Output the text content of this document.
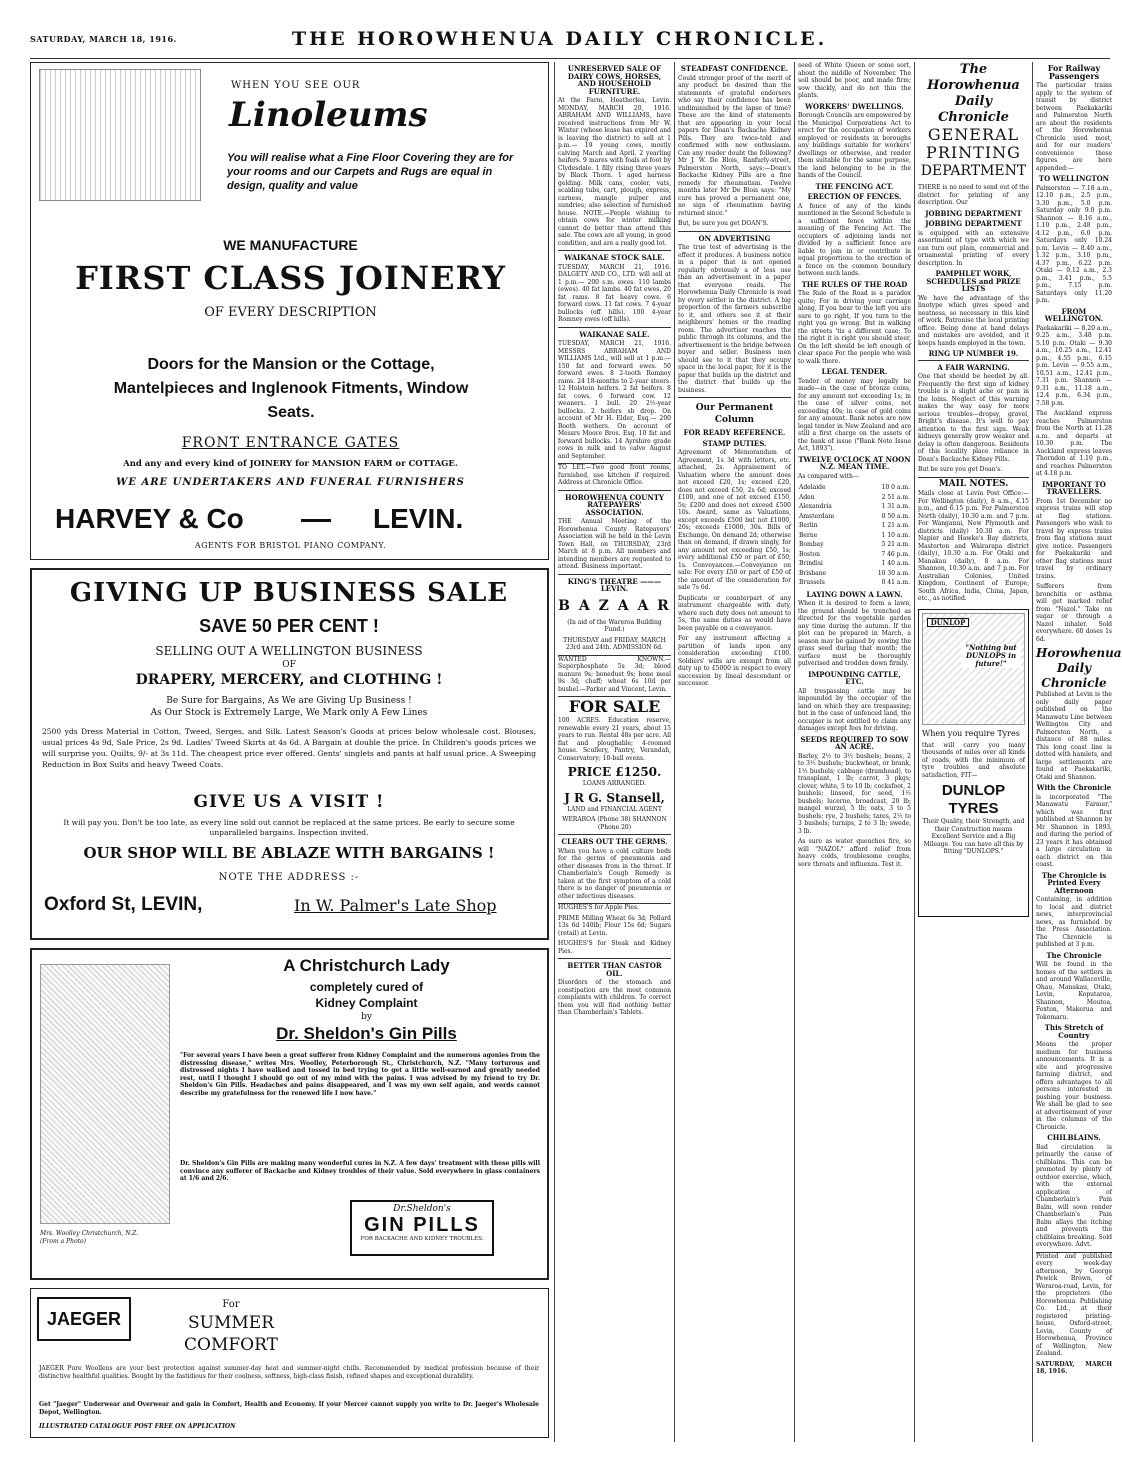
SATURDAY, MARCH 18, 1916.	THE HOROWHENUA DAILY CHRONICLE.
WHEN YOU SEE OUR
Linoleums
You will realise what a Fine Floor Covering they are for your rooms and our Carpets and Rugs are equal in design, quality and value
WE MANUFACTURE
FIRST CLASS JOINERY
OF EVERY DESCRIPTION
Doors for the Mansion or the Cottage, Mantelpieces and Inglenook Fitments, Window Seats.
FRONT ENTRANCE GATES
And any and every kind of JOINERY for MANSION FARM or COTTAGE.
WE ARE UNDERTAKERS AND FUNERAL FURNISHERS
HARVEY & Co	LEVIN.
AGENTS FOR BRISTOL PIANO COMPANY.
GIVING UP BUSINESS SALE
SAVE 50 PER CENT !
SELLING OUT A WELLINGTON BUSINESS
OF
DRAPERY, MERCERY, and CLOTHING !
Be Sure for Bargains, As We are Giving Up Business !
As Our Stock is Extremely Large, We Mark only A Few Lines
2500 yds Dress Material in Cotton, Tweed, Serges, and Silk. Latest Season's Goods at prices below wholesale cost. Blouses, usual prices 4s 9d, Sale Price, 2s 9d. Ladies' Tweed Skirts at 4s 6d. A Bargain at double the price. In Children's goods prices we will surprise you. Quilts, 9/- at 3s 11d. The cheapest price ever offered. Gents' singlets and pants at half usual price. A Sweeping Reduction in Box Suits and heavy Tweed Coats.
GIVE US A VISIT !
It will pay you. Don't be too late, as every line sold out cannot be replaced at the same prices. Be early to secure some unparalleled bargains. Inspection invited.
OUR SHOP WILL BE ABLAZE WITH BARGAINS !
NOTE THE ADDRESS :-
Oxford St, LEVIN,	In W. Palmer's Late Shop
A Christchurch Lady
completely cured of
Kidney Complaint
by
Dr. Sheldon's Gin Pills
Mrs. Woolley Christchurch, N.Z. (From a Photo)
"For several years I have been a great sufferer from Kidney Complaint and the numerous agonies from the distressing disease," writes Mrs. Woolley, Peterborough St., Christchurch, N.Z. "Many torturous and distressed nights I have walked and tossed in bed trying to get a little well-earned and greatly needed rest, until I thought I should go out of my mind with the pains. I was advised by my friend to try Dr. Sheldon's Gin Pills. Headaches and pains disappeared, and I was my own self again, and words cannot describe my gratefulness for the renewed life I now have."
Dr. Sheldon's Gin Pills are making many wonderful cures in N.Z. A few days' treatment with these pills will convince any sufferer of Backache and Kidney troubles of their value. Sold everywhere in glass containers at 1/6 and 2/6.
Dr.Sheldon's
GIN PILLS
FOR BACKACHE AND KIDNEY TROUBLES.
JAEGER
For
SUMMER
COMFORT
JAEGER Pure Woollens are your best protection against summer-day heat and summer-night chills. Recommended by medical profession because of their distinctive healthful qualities. Bought by the fastidious for their coolness, softness, high-class finish, refined shapes and exceptional durability.
Get "Jaeger" Underwear and Overwear and gain in Comfort, Health and Economy. If your Mercer cannot supply you write to Dr. Jaeger's Wholesale Depot, Wellington.
ILLUSTRATED CATALOGUE POST FREE ON APPLICATION
UNRESERVED SALE OF DAIRY COWS, HORSES, AND HOUSEHOLD FURNITURE.

At the Farm, Heatherlea, Levin. MONDAY, MARCH 20, 1916. ABRAHAM AND WILLIAMS, have received instructions from Mr W. Winter (whose lease has expired and is leaving the district) to sell at 1 p.m.— 19 young cows, mostly calving March and April. 2 yearling heifers. 9 mares with foals at foot by Clydesdale. 1 filly rising three years by Black Thorn. 1 aged harness gelding. Milk cans, cooler, vats, scalding tubs, cart, plough, express, carness, mangle pulper and sundries; also selection of furnished house. NOTE.—People wishing to obtain cows for winter milking cannot do better than attend this sale. The cows are all young, in good condition, and are a really good lot.

WAIKANAE STOCK SALE.

TUESDAY, MARCH 21, 1916. DALGETY AND CO., LTD. will sell at 1 p.m.— 200 s.m. ewes. 110 lambs (ewes). 40 fat lambs. 40 fat ewes. 20 fat rams. 8 fat heavy cows. 6 forward cows. 11 fat cows. 7 4-year bullocks (off hills). 100 4-year Romney ewes (off hills).

WAIKANAE SALE.

TUESDAY, MARCH 21, 1916. MESSRS ABRAHAM AND WILLIAMS Ltd., will sell at 1 p.m.— 150 fat and forward ewes. 50 forward ewes. 8 2-tooth Romney rams. 24 18-months to 2-year steers. 12 Holstein heifers. 2 fat heifers. 8 fat cows. 6 forward cow. 12 weaners. 1 bull. 20 2½-year bullocks. 2 heifers sb drop. On account of Mr H. Elder, Esq.— 200 Booth wethers. On account of Messrs Moore Bros. Esq. 10 fat and forward bullocks. 14 Ayrshire grade cows in milk and to calve August and September.

TO LET.—Two good front rooms, furnished, use kitchen if required. Address at Chronicle Office.

HOROWHENUA COUNTY RATEPAYERS' ASSOCIATION.

THE Annual Meeting of the Horowhenua County Ratepayers' Association will be held in the Levin Town Hall, on THURSDAY, 23rd March at 8 p.m. All members and intending members are requested to attend. Business important.

KING'S THEATRE ——— LEVIN.
B A Z A A R

(In aid of the Wareroa Building Fund.)

THURSDAY and FRIDAY, MARCH 23rd and 24th. ADMISSION 6d.

WANTED KNOWN.—Superphosphate 5s 3d; blood manure 9s; bonedust 9s; bone meal 9s 3d; chaff; wheat 6s 10d per bushel.—Parker and Vincent, Levin.

FOR SALE

100 ACRES. Education reserve, renewable every 21 years, about 15 years to run. Rental 48s per acre. All flat and ploughable; 4-roomed house. Scullery, Pantry, Verandah, Conservatory; 10-ball ovens.

PRICE £1250.

LOANS ARRANGED.

J R G. Stansell,

LAND and FINANCIAL AGENT

WERAROA (Phone 38) SHANNON (Phone 20)

CLEARS OUT THE GERMS.

When you have a cold culture beds for the germs of pneumonia and other diseases from in the throat. If Chamberlain's Cough Remedy is taken at the first symptom of a cold there is no danger of pneumonia or other infectious diseases.

HUGHES'S for Apple Pies.

PRIME Milling Wheat 6s 3d; Pollard 13s 6d 140lb; Flour 15s 6d; Sugars (retail) at Levin.

HUGHES'S for Steak and Kidney Pies.

BETTER THAN CASTOR OIL.

Disorders of the stomach and constipation are the most common complaints with children. To correct them you will find nothing better than Chamberlain's Tablets.

STEADFAST CONFIDENCE.

Could stronger proof of the merit of any product be desired than the statements of grateful endorsers who say their confidence has been undiminished by the lapse of time? These are the kind of statements that are appearing in your local papers for Doan's Backache Kidney Pills. They are twice-told and confirmed with new enthusiasm. Can any reader doubt the following? Mr J. W. De Blois, Ranfurly-street, Palmerston North, says:—Doan's Backache Kidney Pills are a fine remedy for rheumatism. Twelve months later Mr De Blois says: "My cure has proved a permanent one, no sign of rheumatism having returned since."

But, be sure you get DOAN'S.

ON ADVERTISING

The true test of advertising is the effect it produces. A business notice in a paper that is not opened regularly obviously a of less use than an advertisement in a paper that everyone reads. The Horowhenua Daily Chronicle is read by every settler in the district. A big proportion of the farmers subscribe to it, and others see it at their neighbours' homes or the reading room. The advertiser reaches the public through its columns, and the advertisement is the bridge between buyer and seller. Business men should see to it that they occupy space in the local paper, for it is the paper that builds up the district and the district that builds up the business.

Our Permanent Column
FOR READY REFERENCE.
STAMP DUTIES.

Agreement of Memorandum of Agreement, 1s 3d with letters, etc. attached, 2s. Appraisement of Valuation where the amount does not exceed £20, 1s; exceed £20, does not exceed £50, 2s 6d; exceed £100, and one of not exceed £150, 5s; £200 and does not exceed £500 10s. Award, same as Valuations, except exceeds £500 but not £1000, 20s; exceeds £1000, 30s. Bills of Exchange. On demand 2d; otherwise than on demand, if drawn singly, for any amount not exceeding £50, 1s; every additional £50 or part of £50, 1s. Conveyances.—Conveyance on sale: For every £50 or part of £50 of the amount of the consideration for sale 7s 6d.

Duplicate or counterpart of any instrument chargeable with duty, where such duty does not amount to 5s, the same duties as would have been payable on a conveyance.

For any instrument affecting a partition of lands upon any consideration exceeding £100. Soldiers' wills are exempt from all duty up to £5000 in respect to every succession by lineal descendant or successor.

seed of White Queen or some sort, about the middle of November. The soil should be poor, and made firm; sow thickly, and do not thin the plants.

WORKERS' DWELLINGS.

Borough Councils are empowered by the Municipal Corporations Act to erect for the occupation of workers employed or residents in boroughs any buildings suitable for workers' dwellings or otherwise, and render them suitable for the same purpose, the land belonging to be in the hands of the Council.

THE FENCING ACT.
ERECTION OF FENCES.

A fence of any of the kinds mentioned in the Second Schedule is a sufficient fence within the meaning of the Fencing Act. The occupiers of adjoining lands not divided by a sufficient fence are liable to join in or contribute in equal proportions to the erection of a fence on the common boundary between such lands.

THE RULES OF THE ROAD

The Rule of the Road is a paradox quite; For in driving your carriage along, If you bear to the left you are sure to go right, If you turn to the right you go wrong. But in walking the streets 'tis a different case; To the right it is right you should steer, On the left should be left enough of clear space For the people who wish to walk there.

LEGAL TENDER.

Tender of money may legally be made—in the case of bronze coins, for any amount not exceeding 1s; in the case of silver coins, not exceeding 40s; in case of gold coins for any amount. Bank notes are now legal tender in New Zealand and are still a first charge on the assets of the bank of issue ("Bank Note Issue Act, 1893").

TWELVE O'CLOCK AT NOON N.Z. MEAN TIME.

As compared with—

Adelaide	10 0 a.m.
Aden	2 51 a.m.
Alexandria	1 31 a.m.
Amsterdam	0 50 a.m.
Berlin	1 21 a.m.
Berne	1 10 a.m.
Bombay	5 21 a.m.
Boston	7 46 p.m.
Brindisi	1 40 a.m.
Brisbane	10 30 a.m.
Brussels	0 41 a.m.
LAYING DOWN A LAWN.

When it is desired to form a lawn, the ground should be trenched as directed for the vegetable garden any time during the autumn. If the plot can be prepared in March, a season may be gained by sowing the grass seed during that month; the surface must be thoroughly pulverised and trodden down firmly.

IMPOUNDING CATTLE, ETC.

All trespassing cattle may be impounded by the occupier of the land on which they are trespassing; but in the case of unfenced land, the occupier is not entitled to claim any damages except fees for driving.

SEEDS REQUIRED TO SOW AN ACRE.

Barley, 2½ to 3½ bushels; beans, 2 to 3½ bushels; buckwheat, or brank, 1½ bushels; cabbage (drumhead), to transplant, 1 lb; carrot, 3 pkgs; clover, white, 5 to 10 lb; cocksfoot, 2 bushels; linseed, for seed, 1½ bushels; lucerne, broadcast, 20 lb; mangel wurzel, 5 lb; oats, 3 to 5 bushels; rye, 2 bushels; tares, 2½ to 3 bushels; turnips, 2 to 3 lb; swede, 3 lb.

As sure as water quenches fire, so will "NAZOL" afford relief from heavy colds, troublesome coughs, sore throats and influenza. Test it.

The Horowhenua
Daily Chronicle
GENERAL
PRINTING
DEPARTMENT

THERE is no need to send out of the district for printing of any description. Our

JOBBING DEPARTMENT
JOBBING DEPARTMENT

is equipped with an extensive assortment of type with which we can turn out plain, commercial and ornamental printing of every description. In

PAMPHLET WORK, SCHEDULES and PRIZE LISTS

We have the advantage of the linotype which gives speed and neatness, so necessary in this kind of work. Patronise the local printing office. Being done at hand delays and mistakes are avoided, and it keeps hands employed in the town.

RING UP NUMBER 19.
A FAIR WARNING.

One that should be heeded by all. Frequently the first sign of kidney trouble is a slight ache or pain in the loins. Neglect of this warning makes the way easy for more serious troubles—dropsy, gravel, Bright's disease. It's well to pay attention to the first sign. Weak kidneys generally grow weaker and delay is often dangerous. Residents of this locality place reliance in Doan's Backache Kidney Pills.

But be sure you get Doan's.

MAIL NOTES.

Mails close at Levin Post Office:—For Wellington (daily), 8 a.m., 4.15 p.m., and 6.15 p.m. For Palmerston North (daily), 10.30 a.m. and 7 p.m. For Wanganui, New Plymouth and districts (daily) 10.30 a.m. For Napier and Hawke's Bay districts, Masterton and Wairarapa district (daily), 10.30 a.m. For Otaki and Manakau (daily), 8 a.m. For Shannon, 10.30 a.m. and 7 p.m. For Australian Colonies, United Kingdom, Continent of Europe, South Africa, India, China, Japan, etc., as notified.

DUNLOP
"Nothing but DUNLOPS in future!"

When you require Tyres

that will carry you many thousands of miles over all kinds of roads, with the minimum of tyre troubles and absolute satisfaction, FIT—

DUNLOP TYRES

Their Quality, their Strength, and their Construction means Excellent Service and a Big Mileage. You can have all this by fitting "DUNLOPS."

For Railway Passengers

The particular trains apply to the system of transit by district between Paekakariki and Palmerston North are about the residents of the Horowhenua Chronicle used most, and for our readers' convenience these figures are here appended:—

TO WELLINGTON

Palmerston — 7.18 a.m., 12.10 p.m., 2.5 p.m., 3.30 p.m., 5.0 p.m. Saturday only 9.0 p.m. Shannon — 8.16 a.m., 1.10 p.m., 2.48 p.m., 4.12 p.m., 6.0 p.m. Saturdays only 10.24 p.m. Levin — 8.40 a.m., 1.32 p.m., 3.10 p.m., 4.37 p.m., 6.22 p.m. Otaki — 9.12 a.m., 2.3 p.m., 3.41 p.m., 5.5 p.m., 7.15 p.m. Saturdays only 11.20 p.m.

FROM WELLINGTON.

Paekakariki — 8.20 a.m., 9.25 a.m., 3.48 p.m. 5.10 p.m. Otaki — 9.30 a.m., 10.25 a.m., 12.41 p.m., 4.55 p.m., 6.15 p.m. Levin — 9.55 a.m., 10.51 a.m., 12.41 p.m., 7.31 p.m. Shannon — 9.31 a.m., 11.18 a.m., 12.4 p.m., 6.34 p.m., 7.58 p.m.

The Auckland express reaches Palmerston from the North at 11.28 a.m. and departs at 10.30 p.m. The Auckland express leaves Thorndon at 1.10 p.m., and reaches Palmerston at 4.18 p.m.

IMPORTANT TO TRAVELLERS.

From 1st December no express trains will stop at flag stations. Passengers who wish to travel by express trains from flag stations must give notice. Passengers for Paekakariki and other flag stations must travel by ordinary trains.

Sufferers from bronchitis or asthma will get marked relief from "Nazol." Take on sugar or through a Nazol inhaler. Sold everywhere. 60 doses 1s 6d.

Horowhenua
Daily
Chronicle

Published at Levin is the only daily paper published on the Manawatu Line between Wellington City and Palmerston North, a distance of 88 miles. This long coast line is dotted with hamlets, and large settlements are found at Paekakariki, Otaki and Shannon.

With the Chronicle

is incorporated "The Manawatu Farmer," which was first published at Shannon by Mr Shannon in 1893, and during the period of 23 years it has obtained a large circulation in each district on this coast.

The Chronicle is Printed Every Afternoon

Containing, in addition to local and district news, interprovincial news, as furnished by the Press Association. The Chronicle is published at 3 p.m.

The Chronicle

Will be found in the homes of the settlers in and around Wallaceville, Ohau, Manakau, Otaki, Levin, Koputaroa, Shannon, Moutoa, Foxton, Makerua and Tokomaru.

This Stretch of Country

Means the proper medium for business announcements. It is a site and progressive farming district, and offers advantages to all persons interested in pushing your business. We shall be glad to see at advertisement of your in the columns of the Chronicle.

CHILBLAINS.

Bad circulation is primarily the cause of chilblains. This can be promoted by plenty of outdoor exercise, which, with the external application of Chamberlain's Pain Balm, will soon render Chamberlain's Pain Balm allays the itching and prevents the chilblains breaking. Sold everywhere. Advt.

Printed and published every week-day afternoon, by George Pewick Brown, of Weraroa-road, Levin, for the proprietors (the Horowhenua Publishing Co. Ltd., at their registered printing-house, Oxford-street, Levin, County of Horowhenua, Province of Wellington, New Zealand.

SATURDAY, MARCH 18, 1916.
